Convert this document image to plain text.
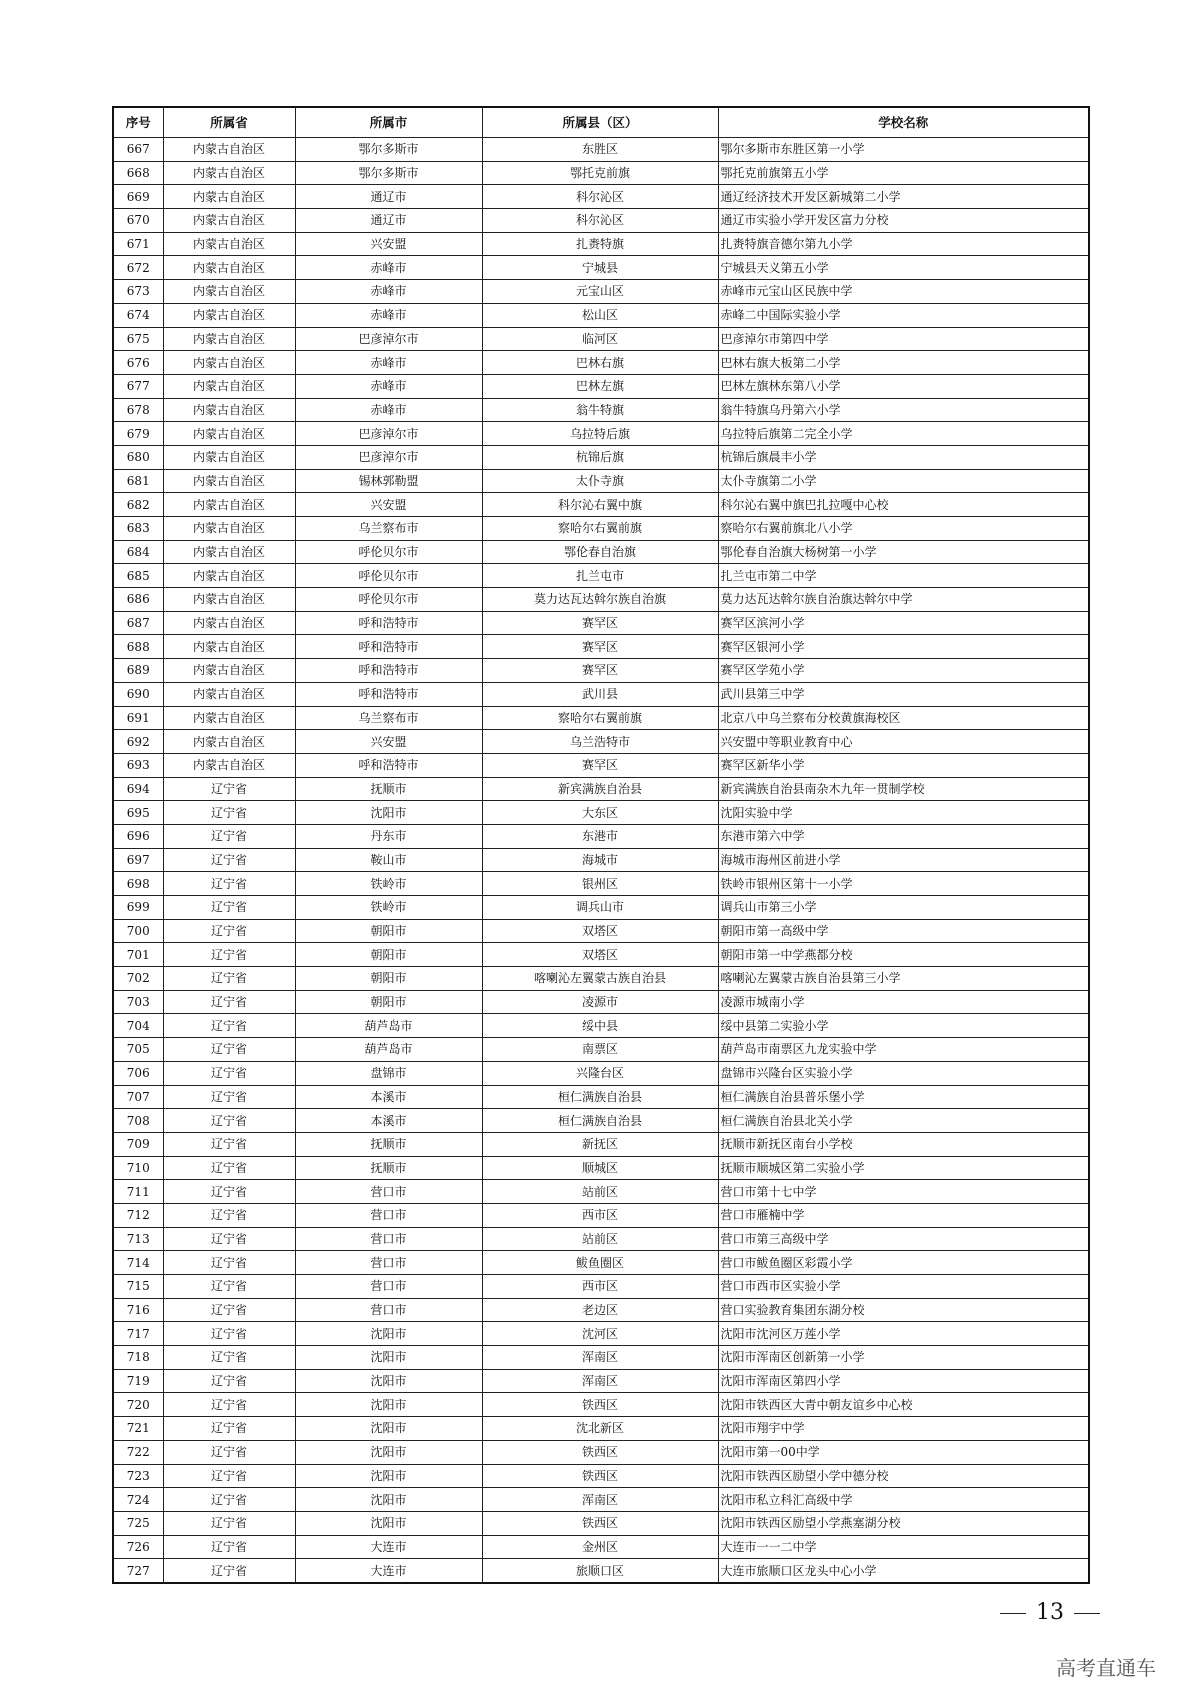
序号	所属省	所属市	所属县（区）	学校名称
667	内蒙古自治区	鄂尔多斯市	东胜区	鄂尔多斯市东胜区第一小学
668	内蒙古自治区	鄂尔多斯市	鄂托克前旗	鄂托克前旗第五小学
669	内蒙古自治区	通辽市	科尔沁区	通辽经济技术开发区新城第二小学
670	内蒙古自治区	通辽市	科尔沁区	通辽市实验小学开发区富力分校
671	内蒙古自治区	兴安盟	扎赉特旗	扎赉特旗音德尔第九小学
672	内蒙古自治区	赤峰市	宁城县	宁城县天义第五小学
673	内蒙古自治区	赤峰市	元宝山区	赤峰市元宝山区民族中学
674	内蒙古自治区	赤峰市	松山区	赤峰二中国际实验小学
675	内蒙古自治区	巴彦淖尔市	临河区	巴彦淖尔市第四中学
676	内蒙古自治区	赤峰市	巴林右旗	巴林右旗大板第二小学
677	内蒙古自治区	赤峰市	巴林左旗	巴林左旗林东第八小学
678	内蒙古自治区	赤峰市	翁牛特旗	翁牛特旗乌丹第六小学
679	内蒙古自治区	巴彦淖尔市	乌拉特后旗	乌拉特后旗第二完全小学
680	内蒙古自治区	巴彦淖尔市	杭锦后旗	杭锦后旗晨丰小学
681	内蒙古自治区	锡林郭勒盟	太仆寺旗	太仆寺旗第二小学
682	内蒙古自治区	兴安盟	科尔沁右翼中旗	科尔沁右翼中旗巴扎拉嘎中心校
683	内蒙古自治区	乌兰察布市	察哈尔右翼前旗	察哈尔右翼前旗北八小学
684	内蒙古自治区	呼伦贝尔市	鄂伦春自治旗	鄂伦春自治旗大杨树第一小学
685	内蒙古自治区	呼伦贝尔市	扎兰屯市	扎兰屯市第二中学
686	内蒙古自治区	呼伦贝尔市	莫力达瓦达斡尔族自治旗	莫力达瓦达斡尔族自治旗达斡尔中学
687	内蒙古自治区	呼和浩特市	赛罕区	赛罕区滨河小学
688	内蒙古自治区	呼和浩特市	赛罕区	赛罕区银河小学
689	内蒙古自治区	呼和浩特市	赛罕区	赛罕区学苑小学
690	内蒙古自治区	呼和浩特市	武川县	武川县第三中学
691	内蒙古自治区	乌兰察布市	察哈尔右翼前旗	北京八中乌兰察布分校黄旗海校区
692	内蒙古自治区	兴安盟	乌兰浩特市	兴安盟中等职业教育中心
693	内蒙古自治区	呼和浩特市	赛罕区	赛罕区新华小学
694	辽宁省	抚顺市	新宾满族自治县	新宾满族自治县南杂木九年一贯制学校
695	辽宁省	沈阳市	大东区	沈阳实验中学
696	辽宁省	丹东市	东港市	东港市第六中学
697	辽宁省	鞍山市	海城市	海城市海州区前进小学
698	辽宁省	铁岭市	银州区	铁岭市银州区第十一小学
699	辽宁省	铁岭市	调兵山市	调兵山市第三小学
700	辽宁省	朝阳市	双塔区	朝阳市第一高级中学
701	辽宁省	朝阳市	双塔区	朝阳市第一中学燕都分校
702	辽宁省	朝阳市	喀喇沁左翼蒙古族自治县	喀喇沁左翼蒙古族自治县第三小学
703	辽宁省	朝阳市	凌源市	凌源市城南小学
704	辽宁省	葫芦岛市	绥中县	绥中县第二实验小学
705	辽宁省	葫芦岛市	南票区	葫芦岛市南票区九龙实验中学
706	辽宁省	盘锦市	兴隆台区	盘锦市兴隆台区实验小学
707	辽宁省	本溪市	桓仁满族自治县	桓仁满族自治县普乐堡小学
708	辽宁省	本溪市	桓仁满族自治县	桓仁满族自治县北关小学
709	辽宁省	抚顺市	新抚区	抚顺市新抚区南台小学校
710	辽宁省	抚顺市	顺城区	抚顺市顺城区第二实验小学
711	辽宁省	营口市	站前区	营口市第十七中学
712	辽宁省	营口市	西市区	营口市雁楠中学
713	辽宁省	营口市	站前区	营口市第三高级中学
714	辽宁省	营口市	鲅鱼圈区	营口市鲅鱼圈区彩霞小学
715	辽宁省	营口市	西市区	营口市西市区实验小学
716	辽宁省	营口市	老边区	营口实验教育集团东湖分校
717	辽宁省	沈阳市	沈河区	沈阳市沈河区万莲小学
718	辽宁省	沈阳市	浑南区	沈阳市浑南区创新第一小学
719	辽宁省	沈阳市	浑南区	沈阳市浑南区第四小学
720	辽宁省	沈阳市	铁西区	沈阳市铁西区大青中朝友谊乡中心校
721	辽宁省	沈阳市	沈北新区	沈阳市翔宇中学
722	辽宁省	沈阳市	铁西区	沈阳市第一00中学
723	辽宁省	沈阳市	铁西区	沈阳市铁西区励望小学中德分校
724	辽宁省	沈阳市	浑南区	沈阳市私立科汇高级中学
725	辽宁省	沈阳市	铁西区	沈阳市铁西区励望小学燕塞湖分校
726	辽宁省	大连市	金州区	大连市一一二中学
727	辽宁省	大连市	旅顺口区	大连市旅顺口区龙头中心小学
13
高考直通车
